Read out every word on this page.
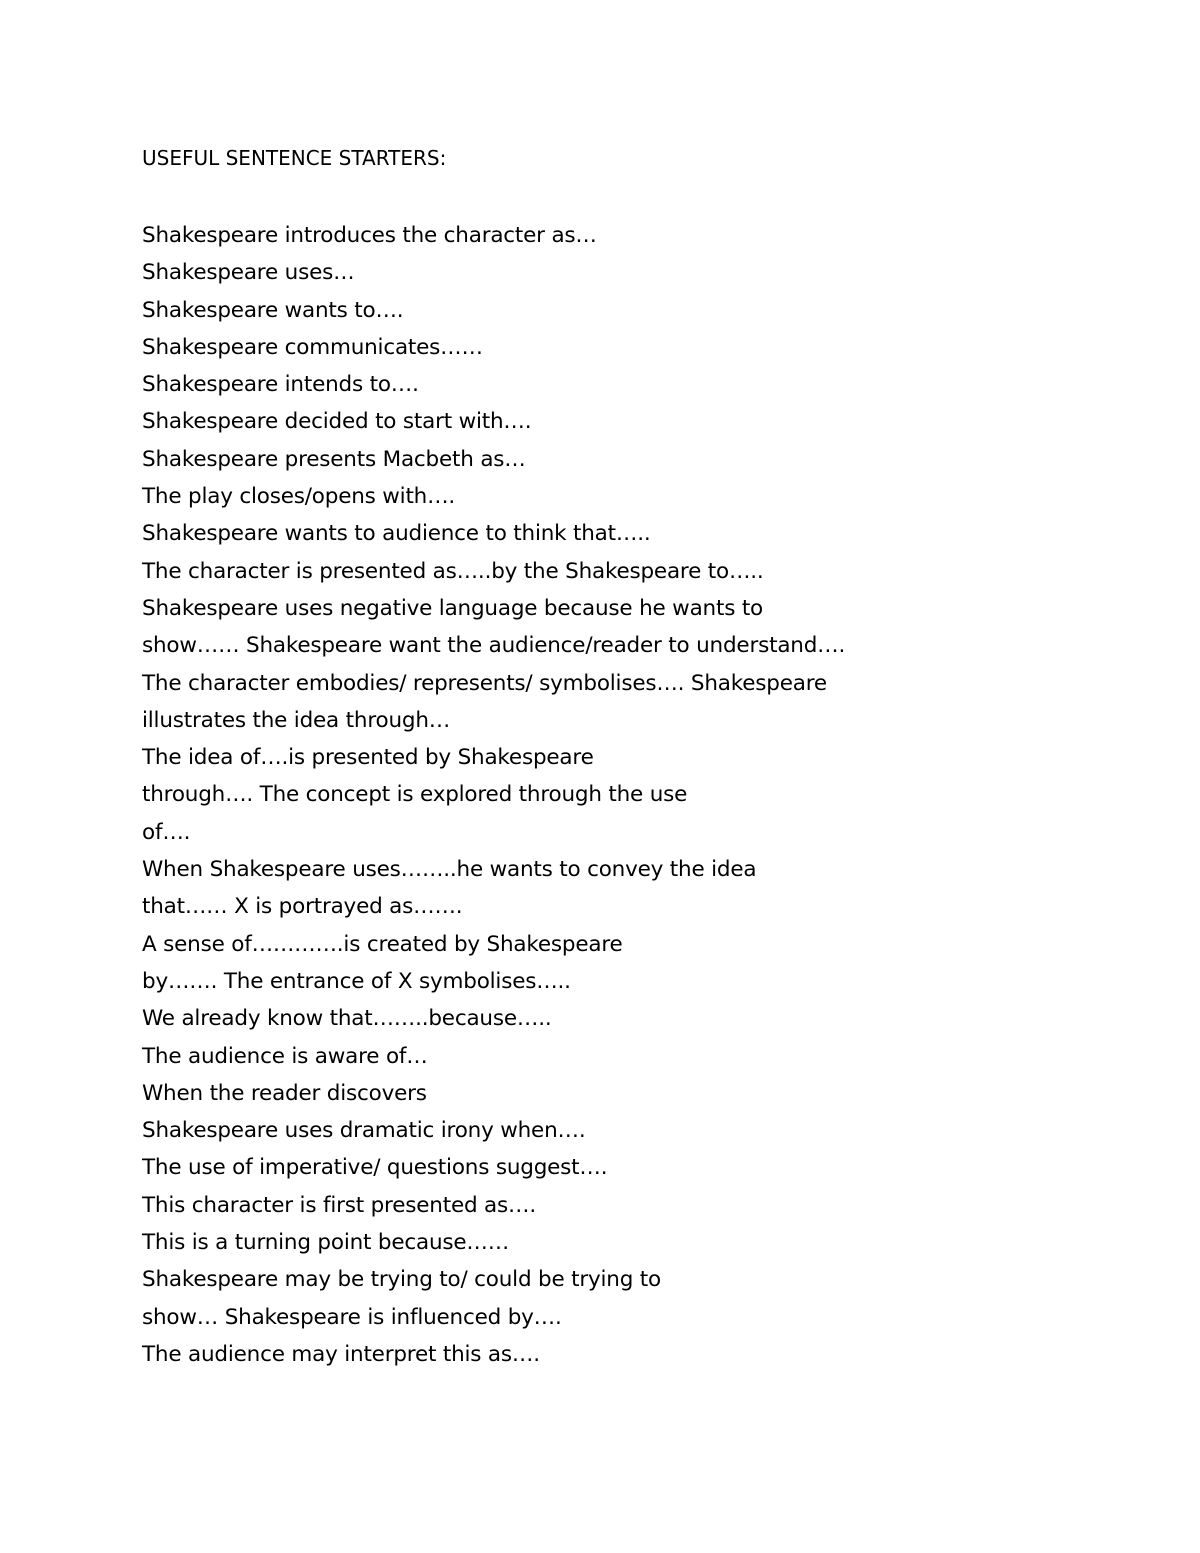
USEFUL SENTENCE STARTERS:
Shakespeare introduces the character as…
Shakespeare uses…
Shakespeare wants to….
Shakespeare communicates……
Shakespeare intends to….
Shakespeare decided to start with….
Shakespeare presents Macbeth as…
The play closes/opens with….
Shakespeare wants to audience to think that…..
The character is presented as…..by the Shakespeare to…..
Shakespeare uses negative language because he wants to
show…… Shakespeare want the audience/reader to understand….
The character embodies/ represents/ symbolises…. Shakespeare
illustrates the idea through…
The idea of….is presented by Shakespeare
through…. The concept is explored through the use
of….
When Shakespeare uses……..he wants to convey the idea
that…… X is portrayed as…….
A sense of………….is created by Shakespeare
by……. The entrance of X symbolises…..
We already know that……..because…..
The audience is aware of…
When the reader discovers
Shakespeare uses dramatic irony when….
The use of imperative/ questions suggest….
This character is first presented as….
This is a turning point because……
Shakespeare may be trying to/ could be trying to
show… Shakespeare is influenced by….
The audience may interpret this as….
